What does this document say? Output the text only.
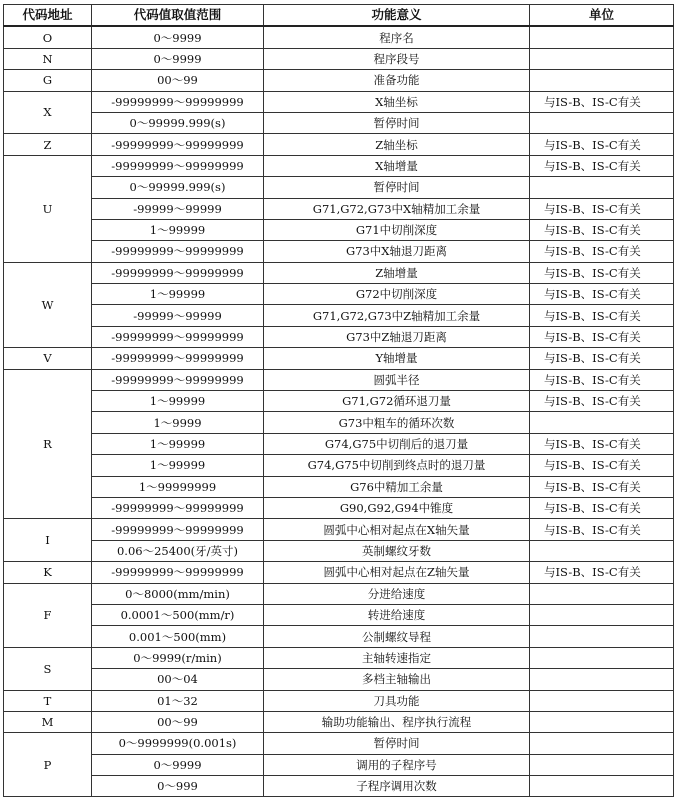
代码地址	代码值取值范围	功能意义	单位
O	0～9999	程序名	
N	0～9999	程序段号	
G	00～99	准备功能	
X	-99999999～99999999	X轴坐标	与IS-B、IS-C有关
	0～99999.999(s)	暂停时间	
Z	-99999999～99999999	Z轴坐标	与IS-B、IS-C有关
U	-99999999～99999999	X轴增量	与IS-B、IS-C有关
	0～99999.999(s)	暂停时间	
	-99999～99999	G71,G72,G73中X轴精加工余量	与IS-B、IS-C有关
	1～99999	G71中切削深度	与IS-B、IS-C有关
	-99999999～99999999	G73中X轴退刀距离	与IS-B、IS-C有关
W	-99999999～99999999	Z轴增量	与IS-B、IS-C有关
	1～99999	G72中切削深度	与IS-B、IS-C有关
	-99999～99999	G71,G72,G73中Z轴精加工余量	与IS-B、IS-C有关
	-99999999～99999999	G73中Z轴退刀距离	与IS-B、IS-C有关
V	-99999999～99999999	Y轴增量	与IS-B、IS-C有关
R	-99999999～99999999	圆弧半径	与IS-B、IS-C有关
	1～99999	G71,G72循环退刀量	与IS-B、IS-C有关
	1～9999	G73中粗车的循环次数	
	1～99999	G74,G75中切削后的退刀量	与IS-B、IS-C有关
	1～99999	G74,G75中切削到终点时的退刀量	与IS-B、IS-C有关
	1～99999999	G76中精加工余量	与IS-B、IS-C有关
	-99999999～99999999	G90,G92,G94中锥度	与IS-B、IS-C有关
I	-99999999～99999999	圆弧中心相对起点在X轴矢量	与IS-B、IS-C有关
	0.06～25400(牙/英寸)	英制螺纹牙数	
K	-99999999～99999999	圆弧中心相对起点在Z轴矢量	与IS-B、IS-C有关
F	0～8000(mm/min)	分进给速度	
	0.0001～500(mm/r)	转进给速度	
	0.001～500(mm)	公制螺纹导程	
S	0～9999(r/min)	主轴转速指定	
	00～04	多档主轴输出	
T	01～32	刀具功能	
M	00～99	输助功能输出、程序执行流程	
P	0～9999999(0.001s)	暂停时间	
	0～9999	调用的子程序号	
	0～999	子程序调用次数	
